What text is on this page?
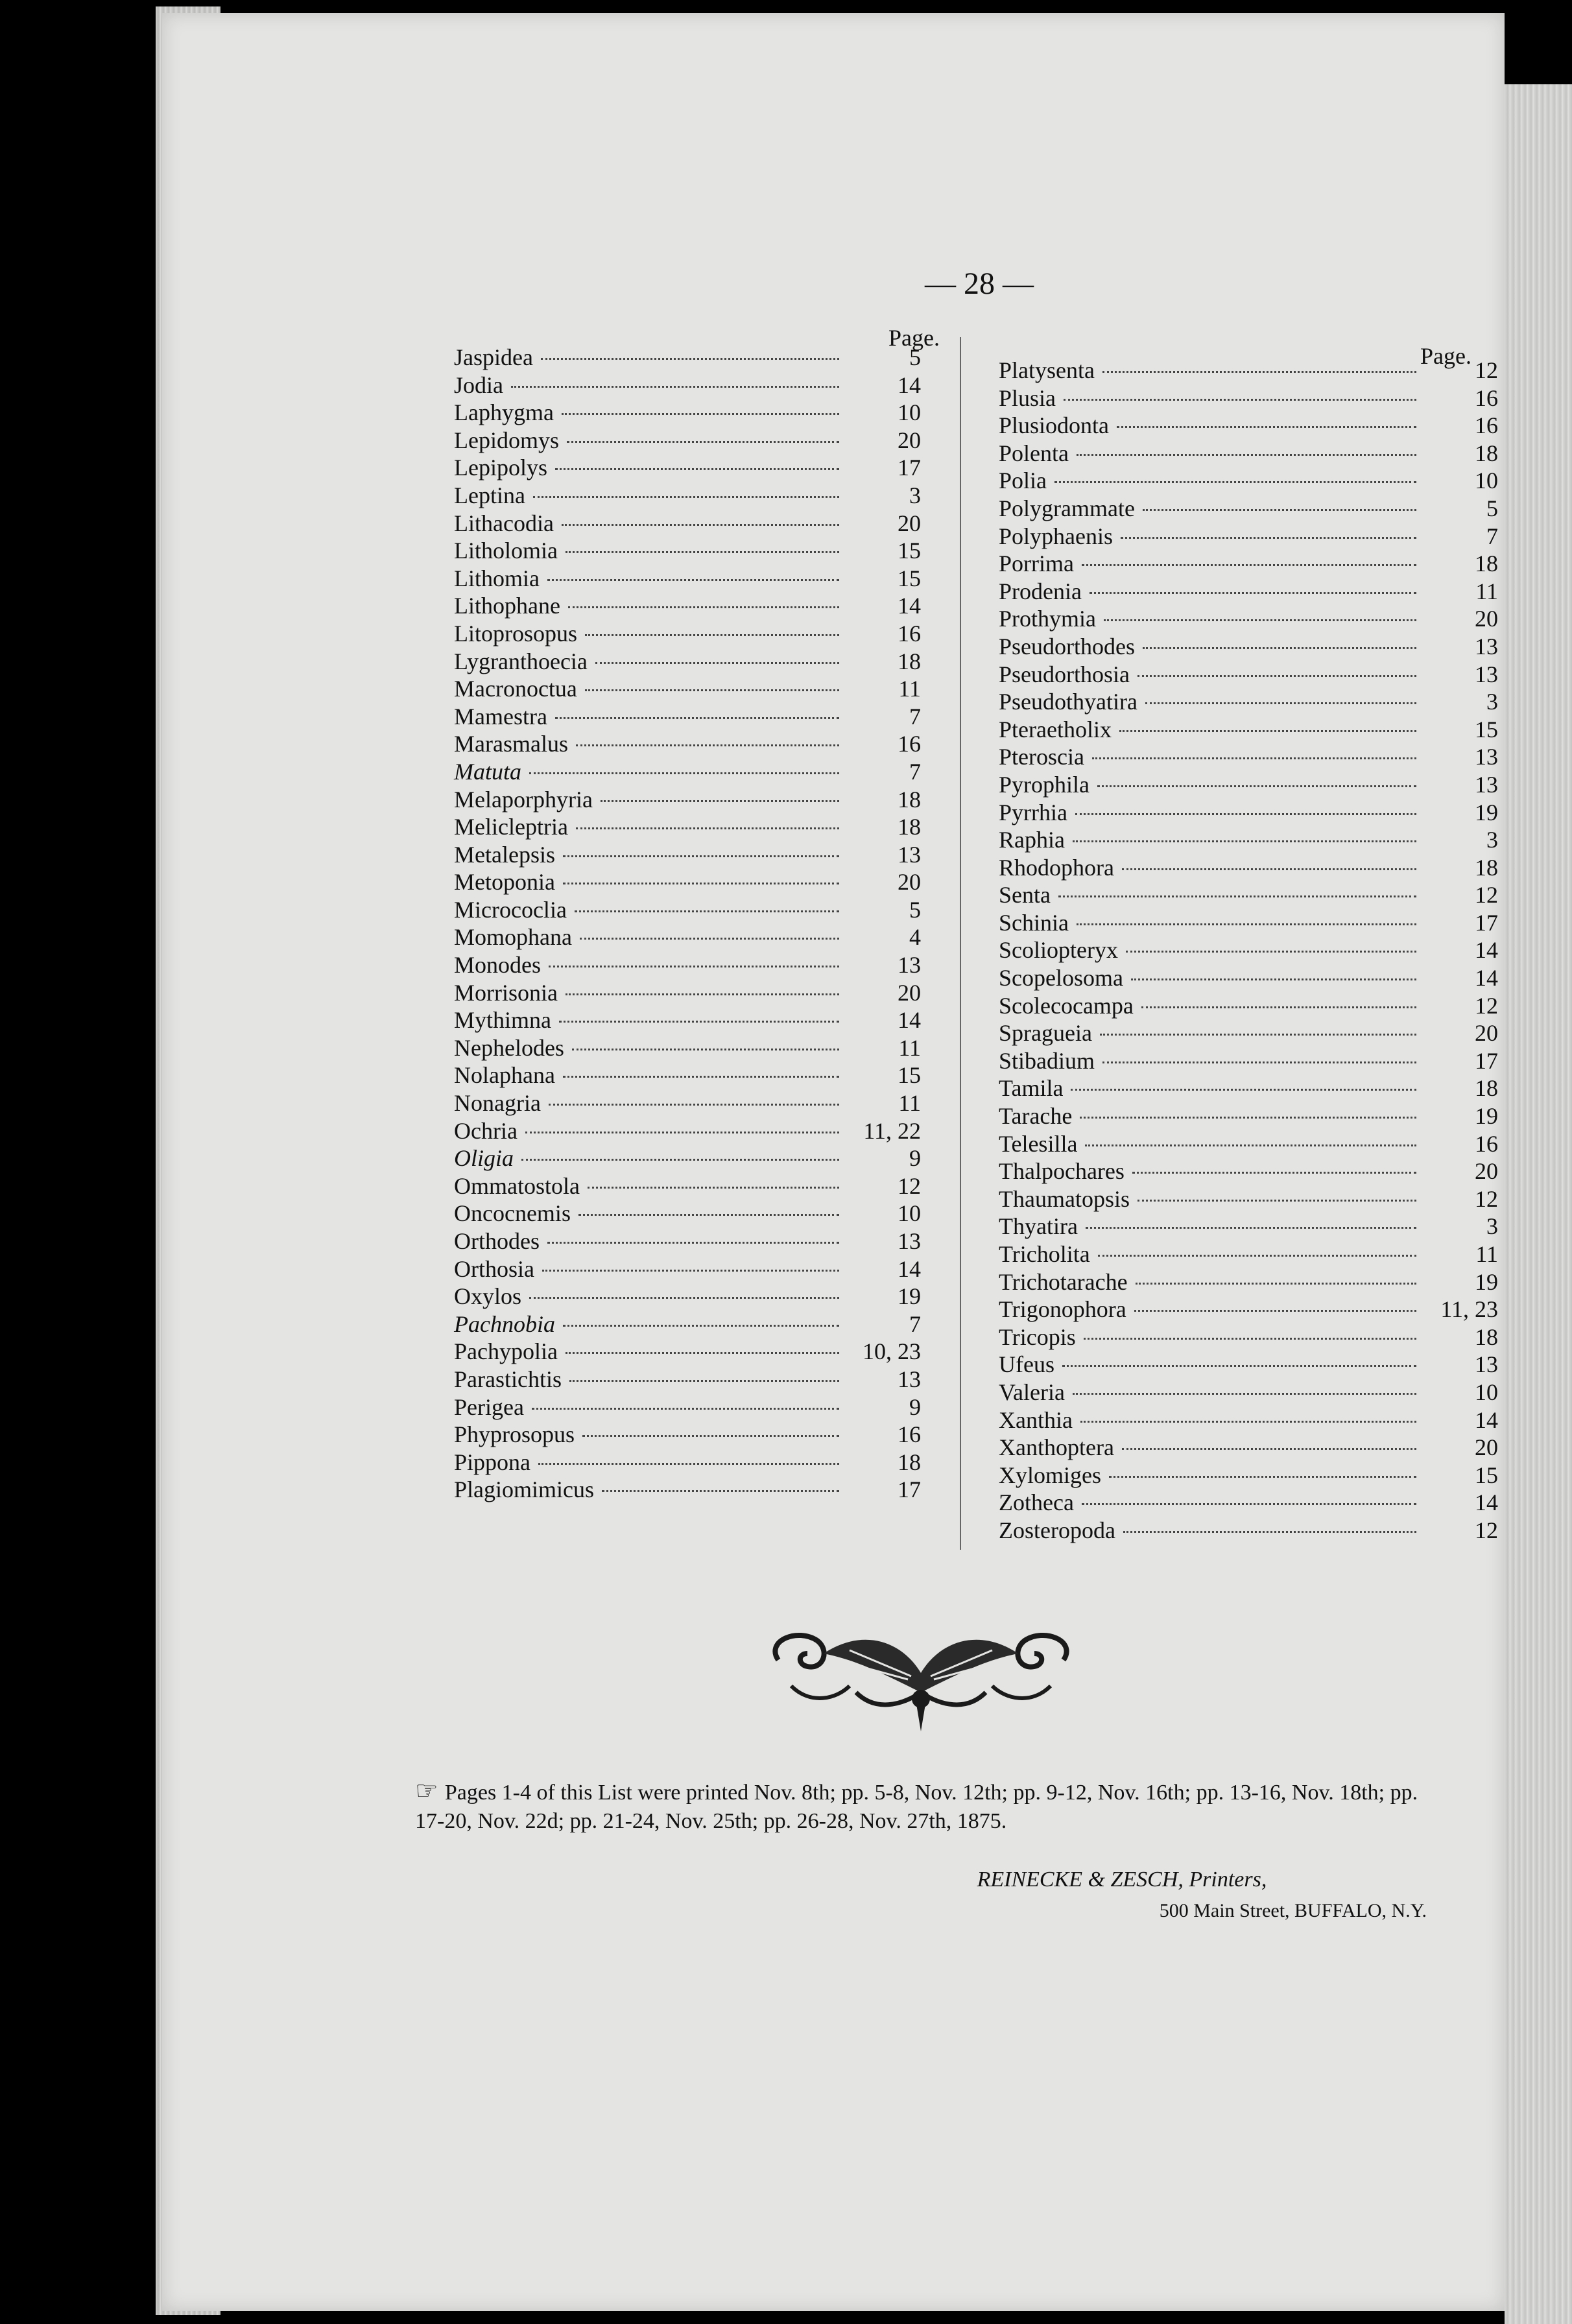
— 28 —
Page.
Page.
Jaspidea	5
Jodia	14
Laphygma	10
Lepidomys	20
Lepipolys	17
Leptina	3
Lithacodia	20
Litholomia	15
Lithomia	15
Lithophane	14
Litoprosopus	16
Lygranthoecia	18
Macronoctua	11
Mamestra	7
Marasmalus	16
Matuta	7
Melaporphyria	18
Melicleptria	18
Metalepsis	13
Metoponia	20
Micrococlia	5
Momophana	4
Monodes	13
Morrisonia	20
Mythimna	14
Nephelodes	11
Nolaphana	15
Nonagria	11
Ochria	11, 22
Oligia	9
Ommatostola	12
Oncocnemis	10
Orthodes	13
Orthosia	14
Oxylos	19
Pachnobia	7
Pachypolia	10, 23
Parastichtis	13
Perigea	9
Phyprosopus	16
Pippona	18
Plagiomimicus	17
Platysenta	12
Plusia	16
Plusiodonta	16
Polenta	18
Polia	10
Polygrammate	5
Polyphaenis	7
Porrima	18
Prodenia	11
Prothymia	20
Pseudorthodes	13
Pseudorthosia	13
Pseudothyatira	3
Pteraetholix	15
Pteroscia	13
Pyrophila	13
Pyrrhia	19
Raphia	3
Rhodophora	18
Senta	12
Schinia	17
Scoliopteryx	14
Scopelosoma	14
Scolecocampa	12
Spragueia	20
Stibadium	17
Tamila	18
Tarache	19
Telesilla	16
Thalpochares	20
Thaumatopsis	12
Thyatira	3
Tricholita	11
Trichotarache	19
Trigonophora	11, 23
Tricopis	18
Ufeus	13
Valeria	10
Xanthia	14
Xanthoptera	20
Xylomiges	15
Zotheca	14
Zosteropoda	12
☞ Pages 1-4 of this List were printed Nov. 8th; pp. 5-8, Nov. 12th; pp. 9-12, Nov. 16th; pp. 13-16, Nov. 18th; pp. 17-20, Nov. 22d; pp. 21-24, Nov. 25th; pp. 26-28, Nov. 27th, 1875.
REINECKE & ZESCH, Printers,
500 Main Street, BUFFALO, N.Y.
